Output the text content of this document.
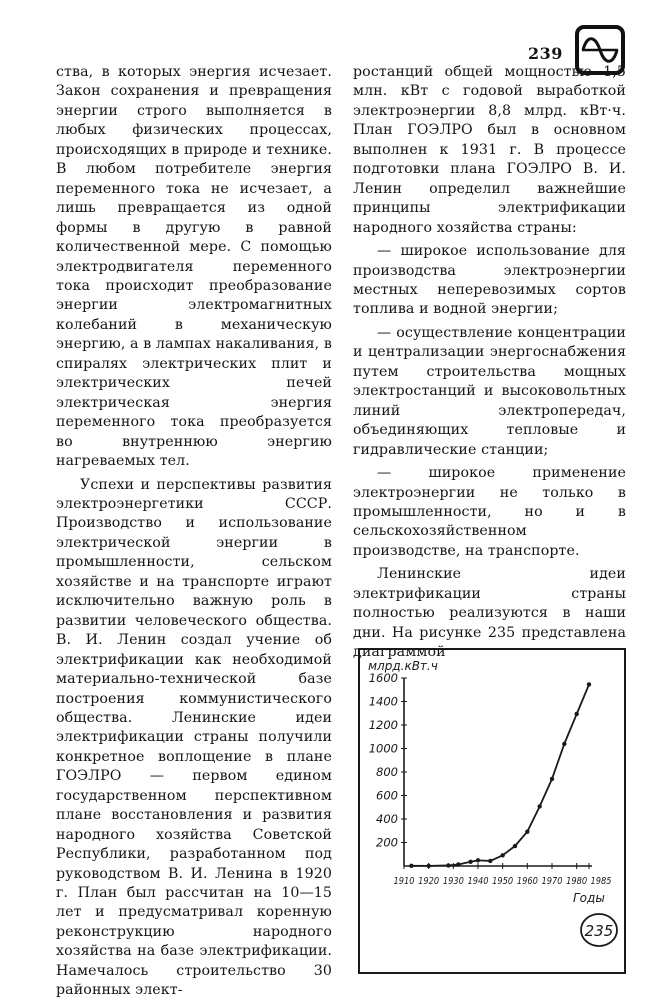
239

ства, в которых энергия исчезает. Закон сохранения и превращения энергии строго выполняется в любых физических процессах, происходящих в природе и технике. В любом потребителе энергия переменного тока не исчезает, а лишь превращается из одной формы в другую в равной количественной мере. С помощью электродвигателя переменного тока происходит преобразование энергии электромагнитных колебаний в механическую энергию, а в лампах накаливания, в спиралях электрических плит и электрических печей электрическая энергия переменного тока преобразуется во внутреннюю энергию нагреваемых тел.

Успехи и перспективы развития электроэнергетики СССР. Производство и использование электрической энергии в промышленности, сельском хозяйстве и на транспорте играют исключительно важную роль в развитии человеческого общества. В. И. Ленин создал учение об электрификации как необходимой материально-технической базе построения коммунистического общества. Ленинские идеи электрификации страны получили конкретное воплощение в плане ГОЭЛРО — первом едином государственном перспективном плане восстановления и развития народного хозяйства Советской Республики, разработанном под руководством В. И. Ленина в 1920 г. План был рассчитан на 10—15 лет и предусматривал коренную реконструкцию народного хозяйства на базе электрификации. Намечалось строительство 30 районных элект-

ростанций общей мощностью 1,5 млн. кВт с годовой выработкой электроэнергии 8,8 млрд. кВт·ч. План ГОЭЛРО был в основном выполнен к 1931 г. В процессе подготовки плана ГОЭЛРО В. И. Ленин определил важнейшие принципы электрификации народного хозяйства страны:

— широкое использование для производства электроэнергии местных неперевозимых сортов топлива и водной энергии;

— осуществление концентрации и централизации энергоснабжения путем строительства мощных электростанций и высоковольтных линий электропередач, объединяющих тепловые и гидравлические станции;

— широкое применение электроэнергии не только в промышленности, но и в сельскохозяйственном производстве, на транспорте.

Ленинские идеи электрификации страны полностью реализуются в наши дни. На рисунке 235 представлена диаграммой

200
400
600
800
1000
1200
1400
1600
1910 1920 1930 1940 1950 1960 1970 1980 1985
млрд.кВт.ч
Годы
235
